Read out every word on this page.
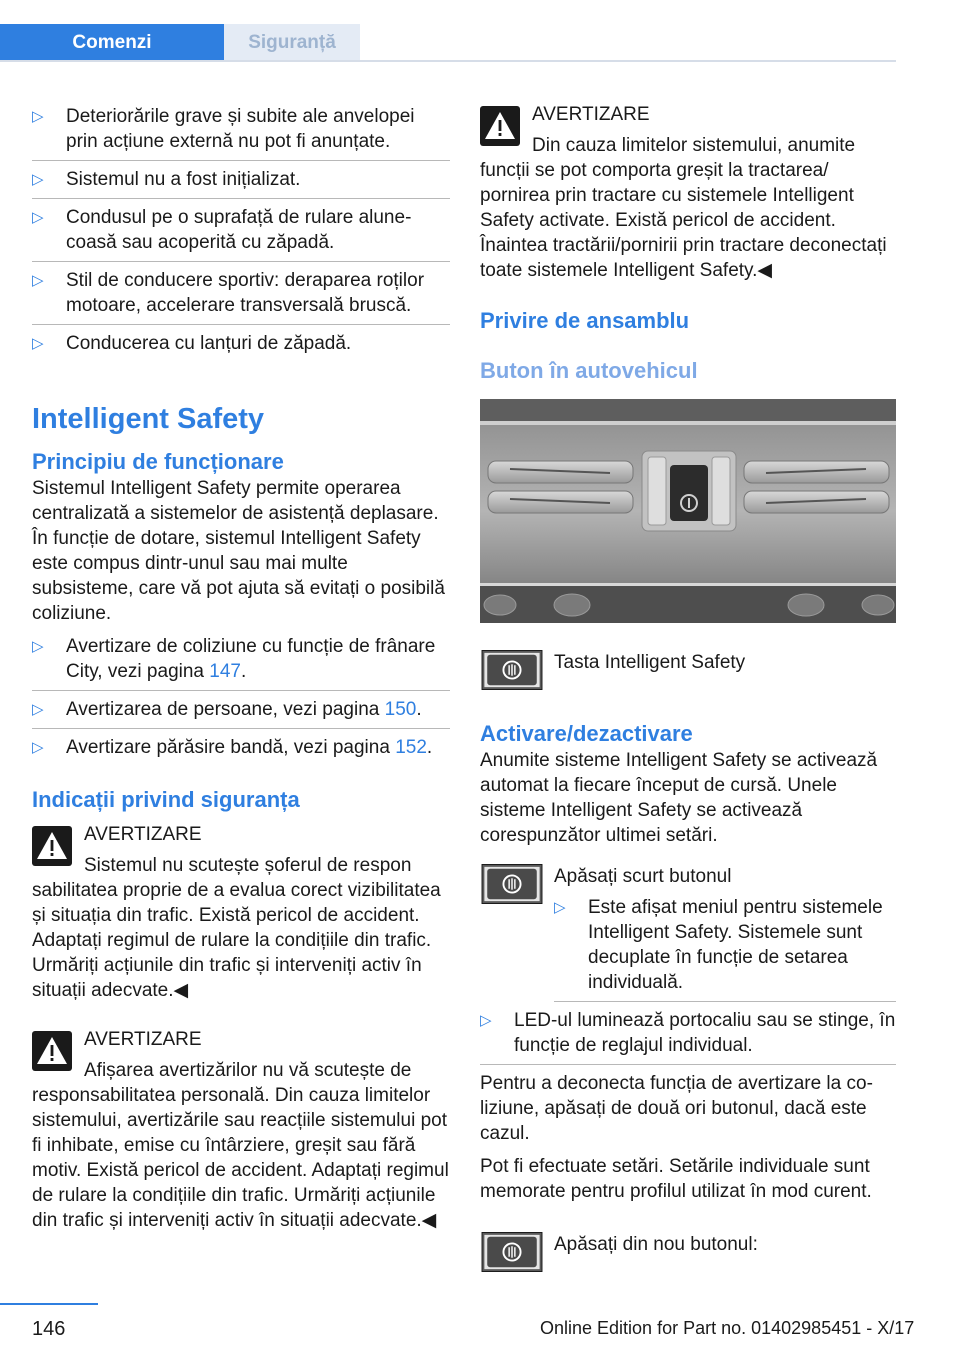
Comenzi	Siguranță
▷	Deteriorările grave și subite ale anvelopei prin acțiune externă nu pot fi anunțate.
▷	Sistemul nu a fost inițializat.
▷	Condusul pe o suprafață de rulare alunecoasă sau acoperită cu zăpadă.
▷	Stil de conducere sportiv: deraparea roților motoare, accelerare transversală bruscă.
▷	Conducerea cu lanțuri de zăpadă.
Intelligent Safety
Principiu de funcționare

Sistemul Intelligent Safety permite operarea centralizată a sistemelor de asistență deplasare. În funcție de dotare, sistemul Intelligent Safety este compus dintr-unul sau mai multe subsisteme, care vă pot ajuta să evitați o posibilă coliziune.

▷	Avertizare de coliziune cu funcție de frânare City, vezi pagina 147.
▷	Avertizarea de persoane, vezi pagina 150.
▷	Avertizare părăsire bandă, vezi pagina 152.
Indicații privind siguranța
AVERTIZARE
Sistemul nu scutește șoferul de respon

sabilitatea proprie de a evalua corect vizibilitatea și situația din trafic. Există pericol de accident. Adaptați regimul de rulare la condițiile din trafic. Urmăriți acțiunile din trafic și interveniți activ în situații adecvate.◀

AVERTIZARE
Afișarea avertizărilor nu vă scutește de

responsabilitatea personală. Din cauza limitelor sistemului, avertizările sau reacțiile sistemului pot fi inhibate, emise cu întârziere, greșit sau fără motiv. Există pericol de accident. Adaptați regimul de rulare la condițiile din trafic. Urmăriți acțiunile din trafic și interveniți activ în situații adecvate.◀

AVERTIZARE
Din cauza limitelor sistemului, anumite

funcții se pot comporta greșit la tractarea/ pornirea prin tractare cu sistemele Intelligent Safety activate. Există pericol de accident. Înaintea tractării/pornirii prin tractare deconectați toate sistemele Intelligent Safety.◀

Privire de ansamblu
Buton în autovehicul
Tasta Intelligent Safety
Activare/dezactivare

Anumite sisteme Intelligent Safety se activează automat la fiecare început de cursă. Unele sisteme Intelligent Safety se activează corespunzător ultimei setări.

Apăsați scurt butonul
▷	Este afișat meniul pentru sistemele Intelligent Safety. Sistemele sunt decuplate în funcție de setarea individuală.
▷	LED-ul luminează portocaliu sau se stinge, în funcție de reglajul individual.

Pentru a deconecta funcția de avertizare la coliziune, apăsați de două ori butonul, dacă este cazul.

Pot fi efectuate setări. Setările individuale sunt memorate pentru profilul utilizat în mod curent.

Apăsați din nou butonul:
146	Online Edition for Part no. 01402985451 - X/17
